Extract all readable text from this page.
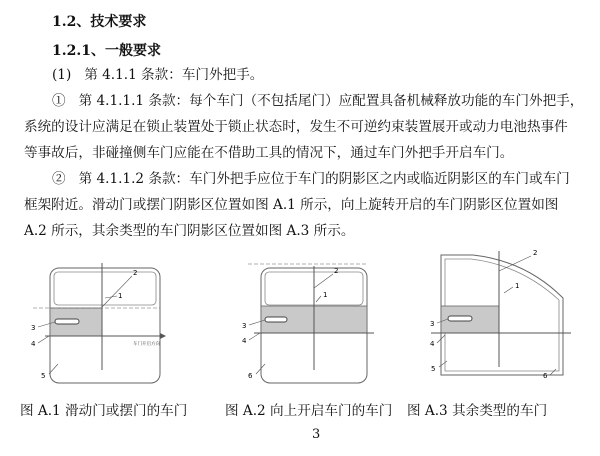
1.2、技术要求
1.2.1、一般要求
(1) 第 4.1.1 条款：车门外把手。
① 第 4.1.1.1 条款：每个车门（不包括尾门）应配置具备机械释放功能的车门外把手，
系统的设计应满足在锁止装置处于锁止状态时，发生不可逆约束装置展开或动力电池热事件
等事故后，非碰撞侧车门应能在不借助工具的情况下，通过车门外把手开启车门。
② 第 4.1.1.2 条款：车门外把手应位于车门的阴影区之内或临近阴影区的车门或车门
框架附近。滑动门或摆门阴影区位置如图 A.1 所示，向上旋转开启的车门阴影区位置如图
A.2 所示，其余类型的车门阴影区位置如图 A.3 所示。
车门开启方向
1
2
3
4
5
1
2
3
4
6
1
2
3
4
5
6
图 A.1 滑动门或摆门的车门	图 A.2 向上开启车门的车门 图 A.3 其余类型的车门
3
